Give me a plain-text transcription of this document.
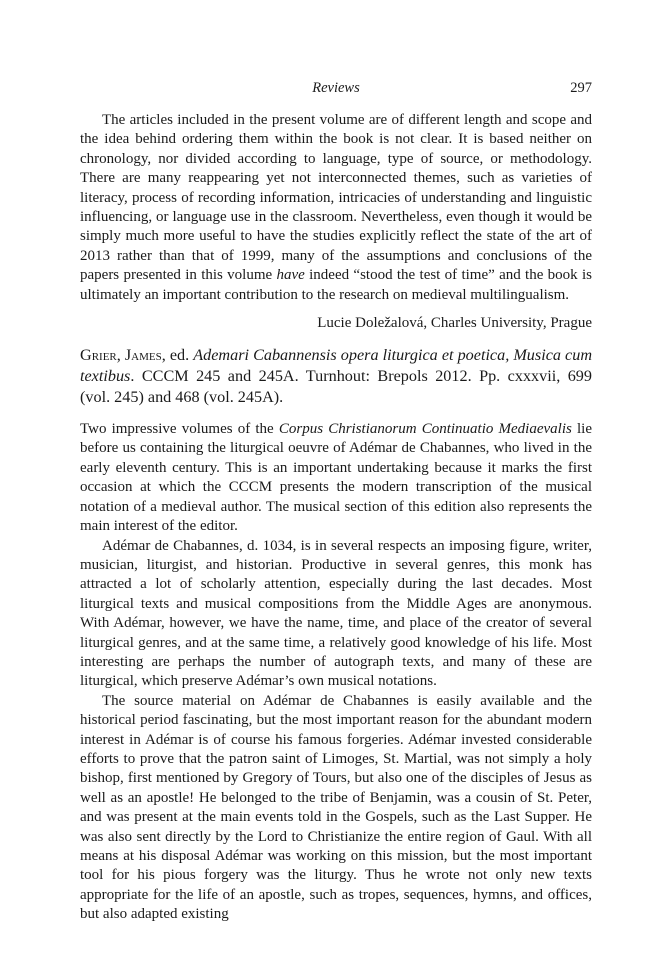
Reviews	297

The articles included in the present volume are of different length and scope and the idea behind ordering them within the book is not clear. It is based neither on chronology, nor divided according to language, type of source, or methodology. There are many reappearing yet not interconnected themes, such as varieties of literacy, process of recording information, intricacies of understanding and linguistic influencing, or language use in the classroom. Nevertheless, even though it would be simply much more useful to have the studies explicitly reflect the state of the art of 2013 rather than that of 1999, many of the assumptions and conclusions of the papers presented in this volume have indeed “stood the test of time” and the book is ultimately an important contribution to the research on medieval multilingualism.

Lucie Doležalová, Charles University, Prague

Grier, James, ed. Ademari Cabannensis opera liturgica et poetica, Musica cum textibus. CCCM 245 and 245A. Turnhout: Brepols 2012. Pp. cxxxvii, 699 (vol. 245) and 468 (vol. 245A).

Two impressive volumes of the Corpus Christianorum Continuatio Mediaevalis lie before us containing the liturgical oeuvre of Adémar de Chabannes, who lived in the early eleventh century. This is an important undertaking because it marks the first occasion at which the CCCM presents the modern transcription of the musical notation of a medieval author. The musical section of this edition also represents the main interest of the editor.

Adémar de Chabannes, d. 1034, is in several respects an imposing figure, writer, musician, liturgist, and historian. Productive in several genres, this monk has attracted a lot of scholarly attention, especially during the last decades. Most liturgical texts and musical compositions from the Middle Ages are anonymous. With Adémar, however, we have the name, time, and place of the creator of several liturgical genres, and at the same time, a relatively good knowledge of his life. Most interesting are perhaps the number of autograph texts, and many of these are liturgical, which preserve Adémar’s own musical notations.

The source material on Adémar de Chabannes is easily available and the historical period fascinating, but the most important reason for the abundant modern interest in Adémar is of course his famous forgeries. Adémar invested considerable efforts to prove that the patron saint of Limoges, St. Martial, was not simply a holy bishop, first mentioned by Gregory of Tours, but also one of the disciples of Jesus as well as an apostle! He belonged to the tribe of Benjamin, was a cousin of St. Peter, and was present at the main events told in the Gospels, such as the Last Supper. He was also sent directly by the Lord to Christianize the entire region of Gaul. With all means at his disposal Adémar was working on this mission, but the most important tool for his pious forgery was the liturgy. Thus he wrote not only new texts appropriate for the life of an apostle, such as tropes, sequences, hymns, and offices, but also adapted existing
